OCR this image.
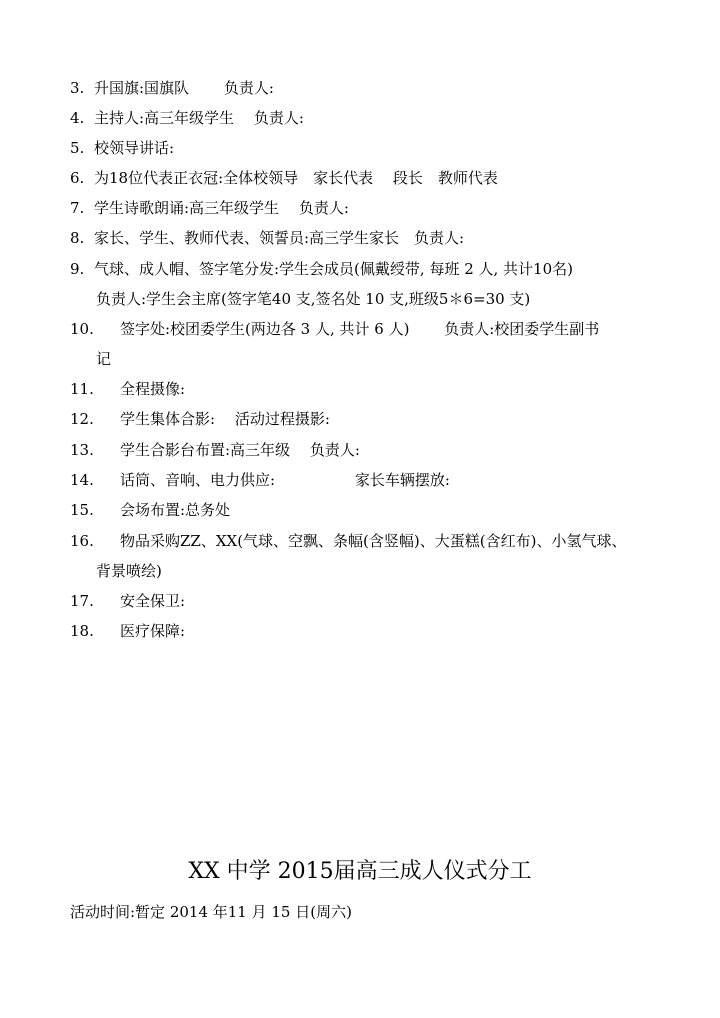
3. 升国旗:国旗队　　 负责人:
4. 主持人:高三年级学生　 负责人:
5. 校领导讲话:
6. 为18位代表正衣冠:全体校领导　家长代表　 段长　教师代表
7. 学生诗歌朗诵:高三年级学生　 负责人:
8. 家长、学生、教师代表、领誓员:高三学生家长　负责人:
9. 气球、成人帽、签字笔分发:学生会成员(佩戴绶带, 每班 2 人, 共计10名)
负责人:学生会主席(签字笔40 支,签名处 10 支,班级5＊6=30 支)
10. 签字处:校团委学生(两边各 3 人, 共计 6 人)　　 负责人:校团委学生副书
记
11. 全程摄像:
12. 学生集体合影:　 活动过程摄影:
13. 学生合影台布置:高三年级　 负责人:
14. 话筒、音响、电力供应:　　　　　 家长车辆摆放:
15. 会场布置:总务处
16. 物品采购ZZ、XX(气球、空飘、条幅(含竖幅)、大蛋糕(含红布)、小氢气球、
背景喷绘)
17. 安全保卫:
18. 医疗保障:
XX 中学 2015届高三成人仪式分工
活动时间:暂定 2014 年11 月 15 日(周六)
